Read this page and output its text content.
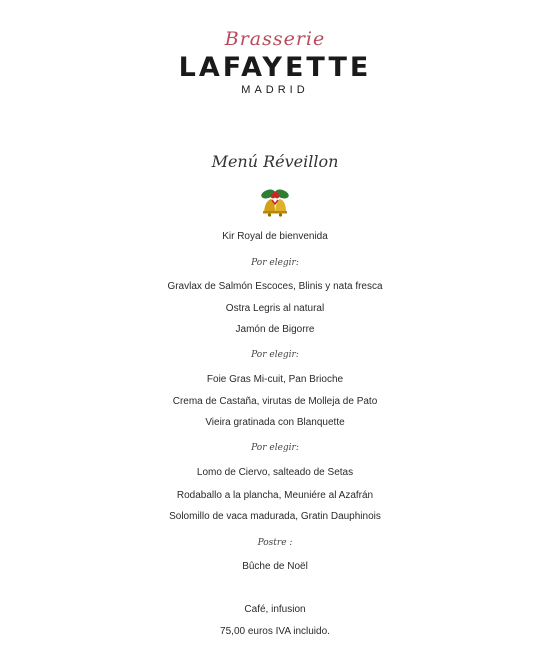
Brasserie
LAFAYETTE
MADRID
Menú Réveillon
Kir Royal de bienvenida
Por elegir:
Gravlax de Salmón Escoces, Blinis y nata fresca
Ostra Legris al natural
Jamón de Bigorre
Por elegir:
Foie Gras Mi-cuit, Pan Brioche
Crema de Castaña, virutas de Molleja de Pato
Vieira gratinada con Blanquette
Por elegir:
Lomo de Ciervo, salteado de Setas
Rodaballo a la plancha, Meuniére al Azafrán
Solomillo de vaca madurada, Gratin Dauphinois
Postre :
Bûche de Noël
Café, infusion
75,00 euros IVA incluido.
